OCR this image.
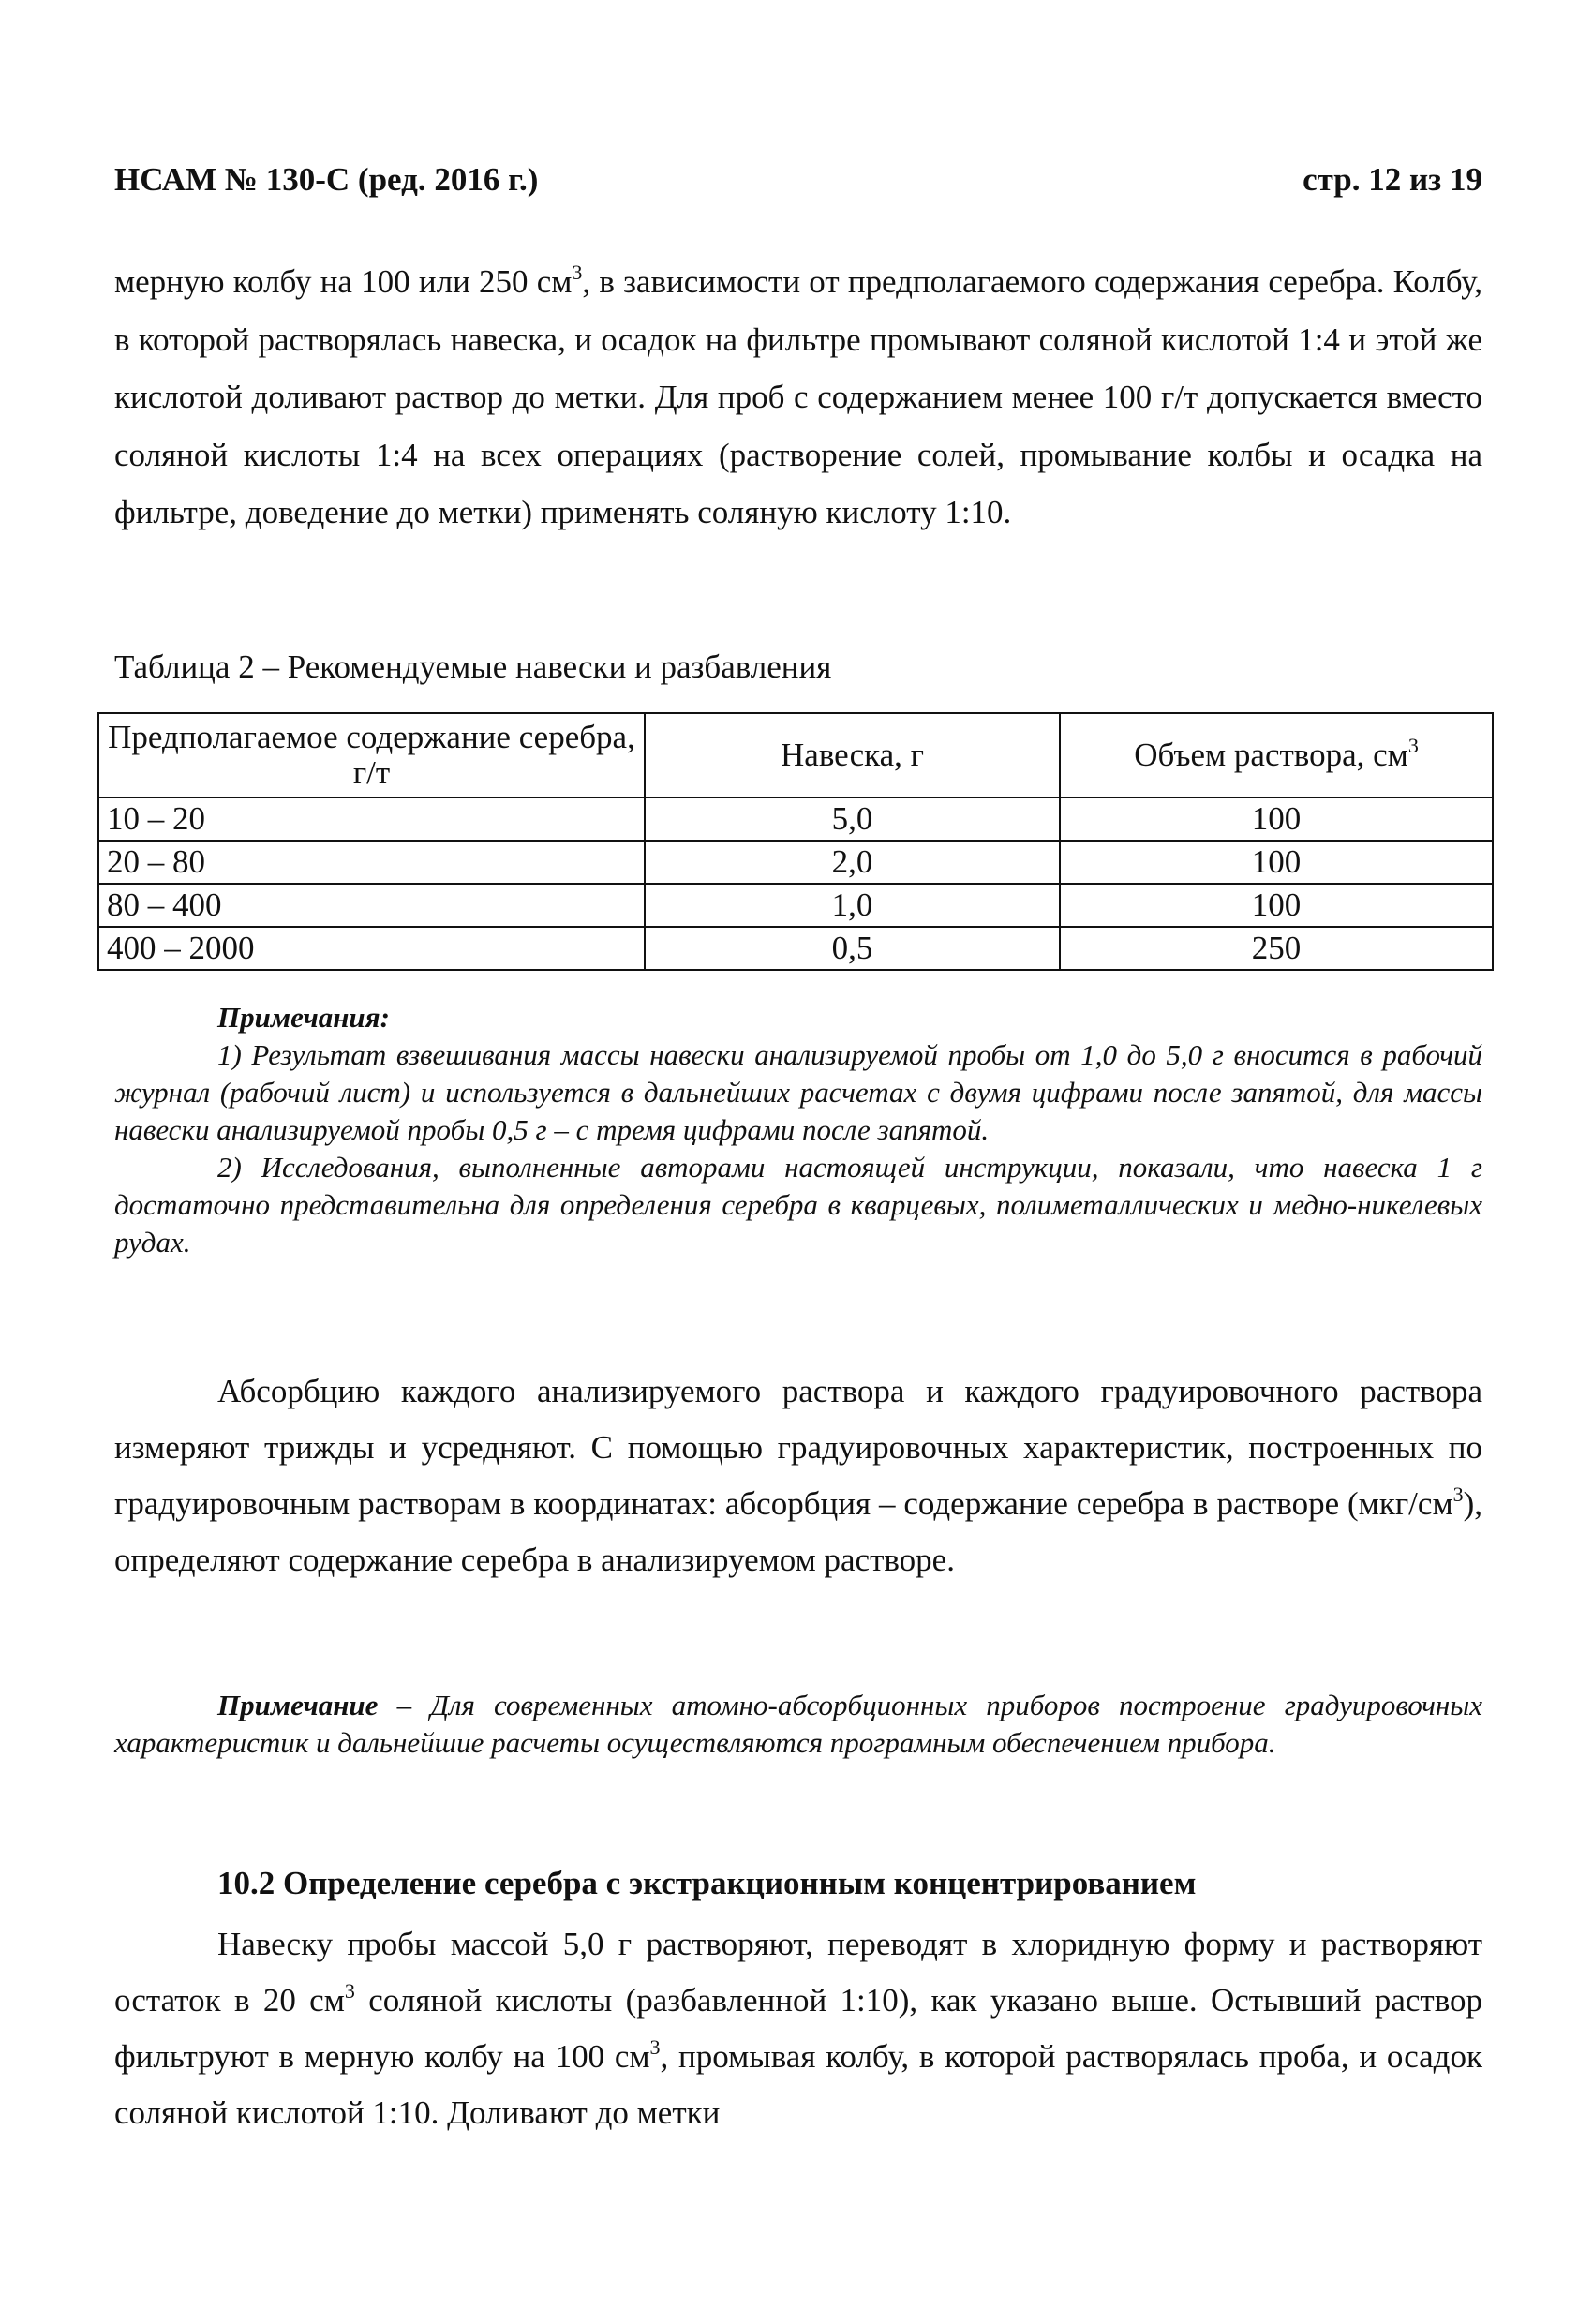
НСАМ № 130-С (ред. 2016 г.)	стр. 12 из 19
мерную колбу на 100 или 250 $см^3$, в зависимости от предполагаемого содержания серебра. Колбу, в которой растворялась навеска, и осадок на фильтре промывают соляной кислотой 1:4 и этой же кислотой доливают раствор до метки. Для проб с содержанием менее 100 г/т допускается вместо соляной кислоты 1:4 на всех операциях (растворение солей, промывание колбы и осадка на фильтре, доведение до метки) применять соляную кислоту 1:10.
Таблица 2 – Рекомендуемые навески и разбавления
Предполагаемое содержание серебра, г/т	Навеска, г	Объем раствора, $см^3$
10 – 20	5,0	100
20 – 80	2,0	100
80 – 400	1,0	100
400 – 2000	0,5	250
Примечания:
1) Результат взвешивания массы навески анализируемой пробы от 1,0 до 5,0 г вносится в рабочий журнал (рабочий лист) и используется в дальнейших расчетах с двумя цифрами после запятой, для массы навески анализируемой пробы 0,5 г – с тремя цифрами после запятой.
2) Исследования, выполненные авторами настоящей инструкции, показали, что навеска 1 г достаточно представительна для определения серебра в кварцевых, полиметаллических и медно-никелевых рудах.
Абсорбцию каждого анализируемого раствора и каждого градуировочного раствора измеряют трижды и усредняют. С помощью градуировочных характеристик, построенных по градуировочным растворам в координатах: абсорбция – содержание серебра в растворе $(мкг/см^3)$, определяют содержание серебра в анализируемом растворе.
Примечание – Для современных атомно-абсорбционных приборов построение градуировочных характеристик и дальнейшие расчеты осуществляются програмным обеспечением прибора.
10.2 Определение серебра с экстракционным концентрированием
Навеску пробы массой 5,0 г растворяют, переводят в хлоридную форму и растворяют остаток в 20 $см^3$ соляной кислоты (разбавленной 1:10), как указано выше. Остывший раствор фильтруют в мерную колбу на 100 $см^3$, промывая колбу, в которой растворялась проба, и осадок соляной кислотой 1:10. Доливают до метки
